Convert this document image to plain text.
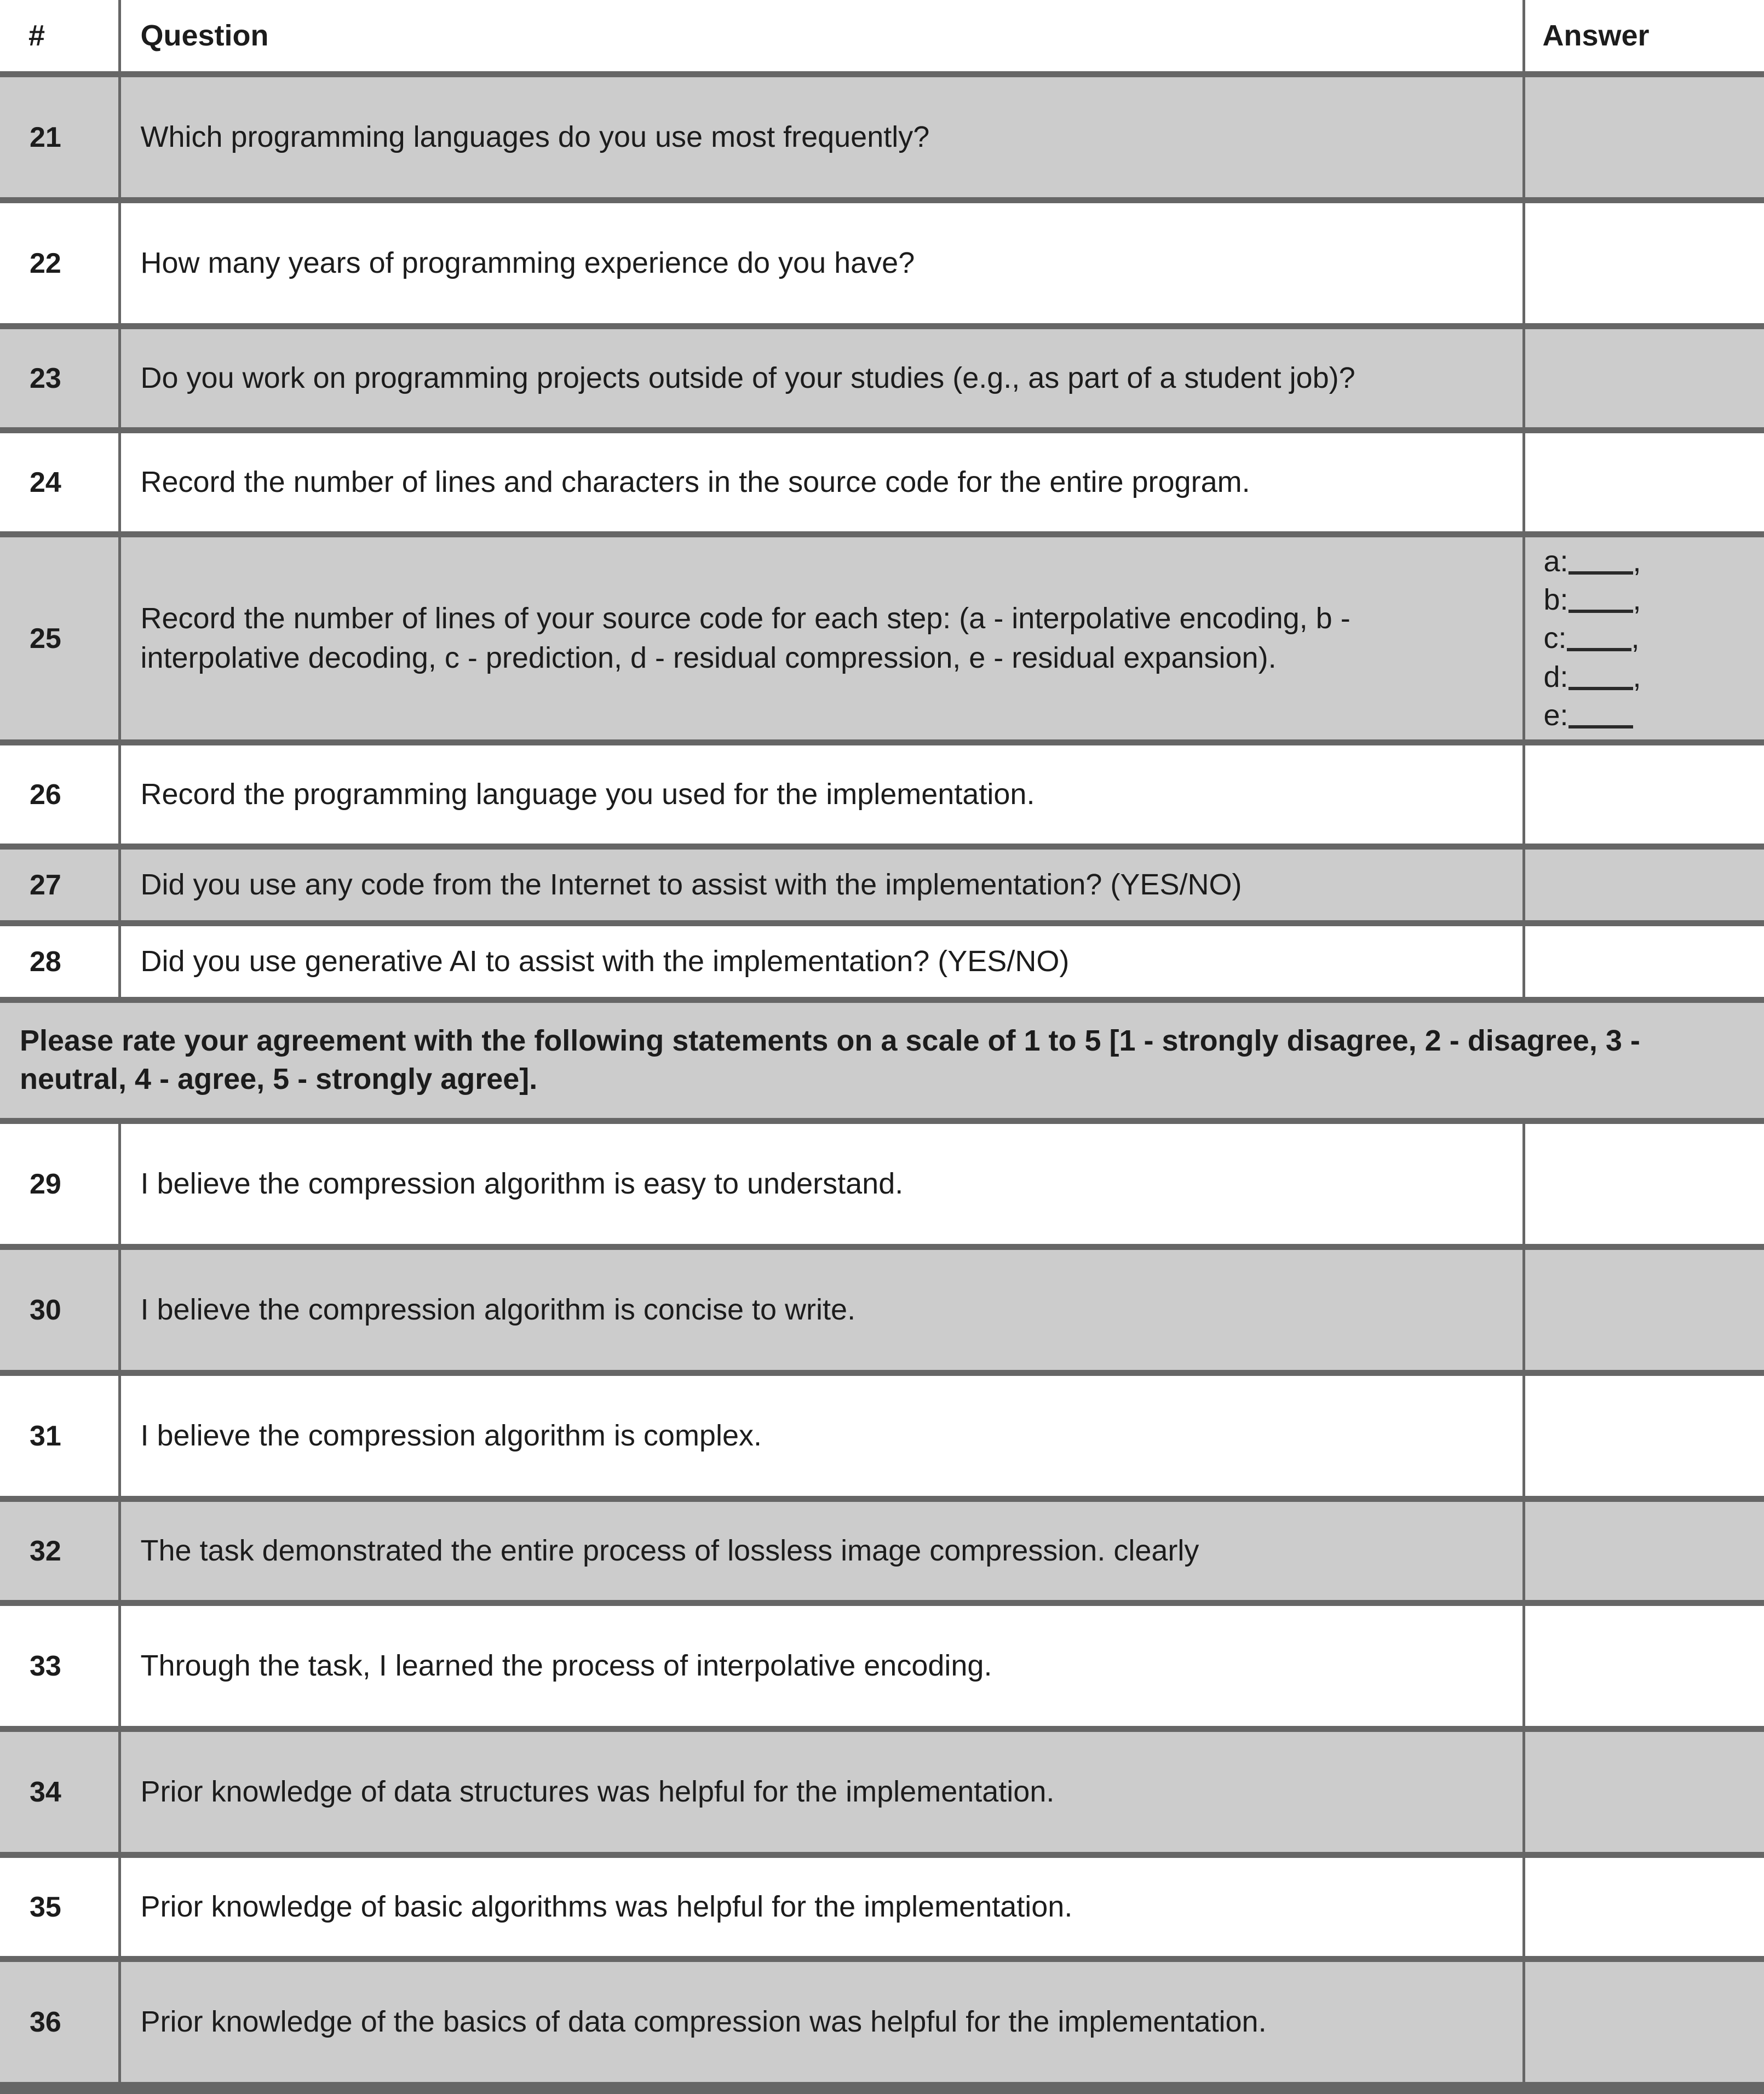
#	Question	Answer
21	Which programming languages do you use most frequently?	
22	How many years of programming experience do you have?	
23	Do you work on programming projects outside of your studies (e.g., as part of a student job)?	
24	Record the number of lines and characters in the source code for the entire program.	
25	Record the number of lines of your source code for each step: (a - interpolative encoding, b - interpolative decoding, c - prediction, d - residual compression, e - residual expansion).	a: ,
b: ,
c: ,
d: ,
e:

26	Record the programming language you used for the implementation.	
27	Did you use any code from the Internet to assist with the implementation? (YES/NO)	
28	Did you use generative AI to assist with the implementation? (YES/NO)	
Please rate your agreement with the following statements on a scale of 1 to 5 [1 - strongly disagree, 2 - disagree, 3 - neutral, 4 - agree, 5 - strongly agree].		
29	I believe the compression algorithm is easy to understand.	
30	I believe the compression algorithm is concise to write.	
31	I believe the compression algorithm is complex.	
32	The task demonstrated the entire process of lossless image compression. clearly	
33	Through the task, I learned the process of interpolative encoding.	
34	Prior knowledge of data structures was helpful for the implementation.	
35	Prior knowledge of basic algorithms was helpful for the implementation.	
36	Prior knowledge of the basics of data compression was helpful for the implementation.	
